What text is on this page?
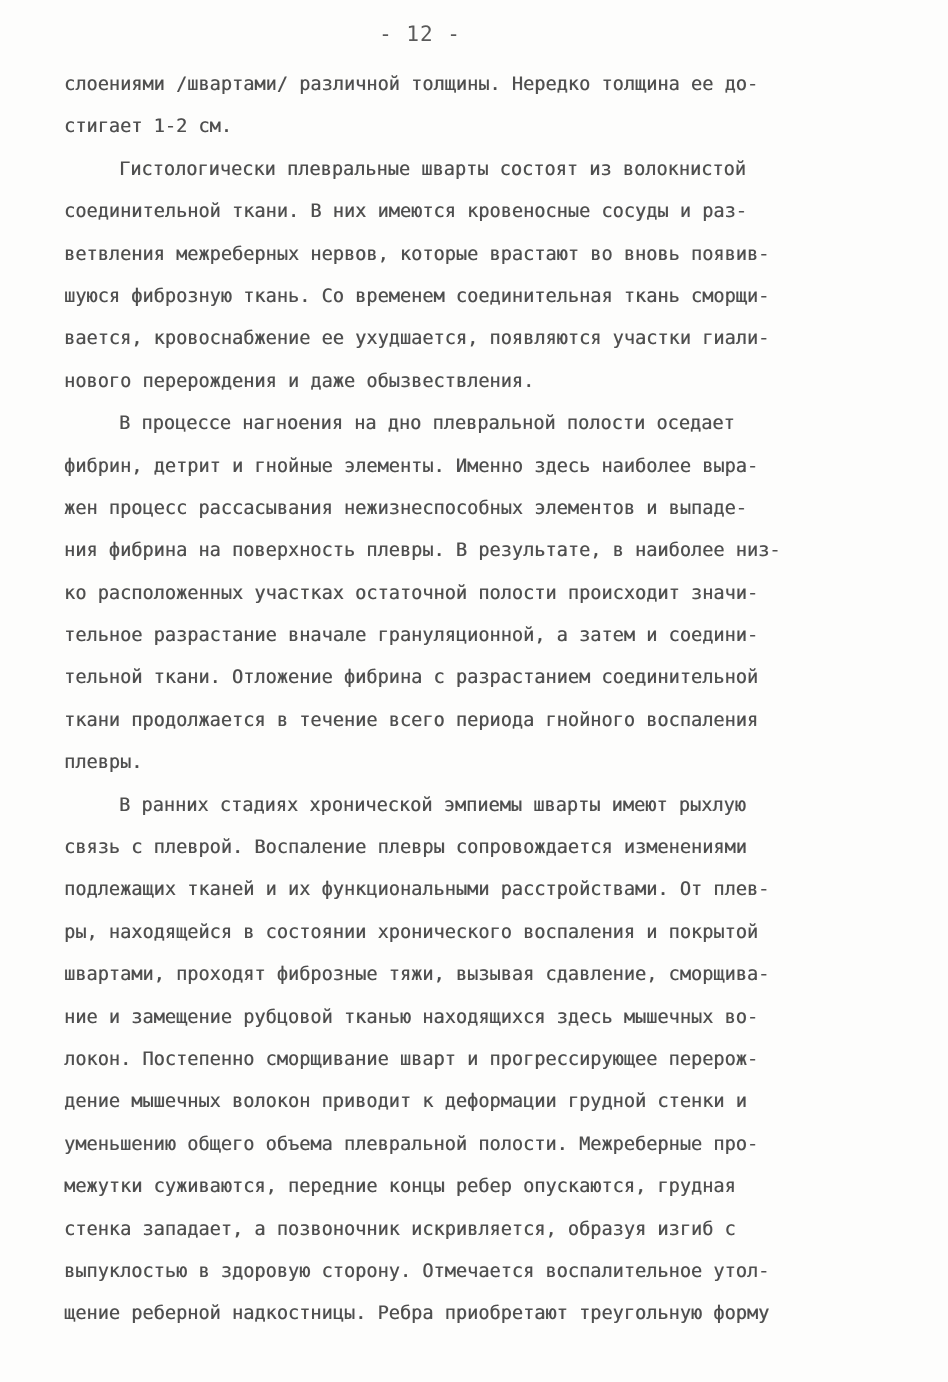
- 12 -
слоениями /швартами/ различной толщины. Нередко толщина ее до-
стигает 1-2 см.
Гистологически плевральные шварты состоят из волокнистой
соединительной ткани. В них имеются кровеносные сосуды и раз-
ветвления межреберных нервов, которые врастают во вновь появив-
шуюся фиброзную ткань. Со временем соединительная ткань сморщи-
вается, кровоснабжение ее ухудшается, появляются участки гиали-
нового перерождения и даже обызвествления.
В процессе нагноения на дно плевральной полости оседает
фибрин, детрит и гнойные элементы. Именно здесь наиболее выра-
жен процесс рассасывания нежизнеспособных элементов и выпаде-
ния фибрина на поверхность плевры. В результате, в наиболее низ-
ко расположенных участках остаточной полости происходит значи-
тельное разрастание вначале грануляционной, а затем и соедини-
тельной ткани. Отложение фибрина с разрастанием соединительной
ткани продолжается в течение всего периода гнойного воспаления
плевры.
В ранних стадиях хронической эмпиемы шварты имеют рыхлую
связь с плеврой. Воспаление плевры сопровождается изменениями
подлежащих тканей и их функциональными расстройствами. От плев-
ры, находящейся в состоянии хронического воспаления и покрытой
швартами, проходят фиброзные тяжи, вызывая сдавление, сморщива-
ние и замещение рубцовой тканью находящихся здесь мышечных во-
локон. Постепенно сморщивание шварт и прогрессирующее перерож-
дение мышечных волокон приводит к деформации грудной стенки и
уменьшению общего объема плевральной полости. Межреберные про-
межутки суживаются, передние концы ребер опускаются, грудная
стенка западает, а позвоночник искривляется, образуя изгиб с
выпуклостью в здоровую сторону. Отмечается воспалительное утол-
щение реберной надкостницы. Ребра приобретают треугольную форму
